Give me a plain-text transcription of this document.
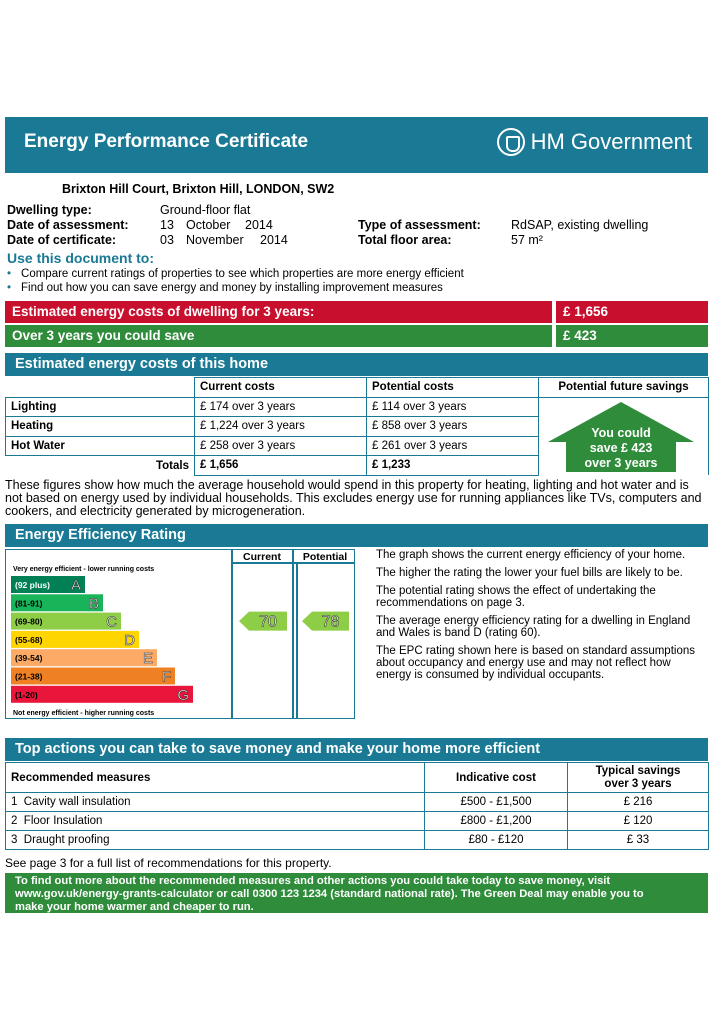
Energy Performance Certificate	HM Government
Brixton Hill Court, Brixton Hill, LONDON, SW2
Dwelling type:	Ground-floor flat
Date of assessment:	13 October 2014
Date of certificate:	03 November 2014
Type of assessment: RdSAP, existing dwelling
Total floor area:	57 m²
Use this document to:
• Compare current ratings of properties to see which properties are more energy efficient
• Find out how you can save energy and money by installing improvement measures
Estimated energy costs of dwelling for 3 years:	£ 1,656
Over 3 years you could save	£ 423
Estimated energy costs of this home
	Current costs	Potential costs	Potential future savings
Lighting	£ 174 over 3 years	£ 114 over 3 years	
Heating	£ 1,224 over 3 years	£ 858 over 3 years	
Hot Water	£ 258 over 3 years	£ 261 over 3 years	
Totals	£ 1,656	£ 1,233	
You could
save £ 423
over 3 years
These figures show how much the average household would spend in this property for heating, lighting and hot water and is not based on energy used by individual households. This excludes energy use for running appliances like TVs, computers and cookers, and electricity generated by microgeneration.
Energy Efficiency Rating
Current Potential
Very energy efficient - lower running costs
Not energy efficient - higher running costs
(92 plus) A
(81-91)	B
(69-80)	C
(55-68)	D
(39-54)	E
(21-38)	F
(1-20)	G
70	78

The graph shows the current energy efficiency of your home.

The higher the rating the lower your fuel bills are likely to be.

The potential rating shows the effect of undertaking the recommendations on page 3.

The average energy efficiency rating for a dwelling in England and Wales is band D (rating 60).

The EPC rating shown here is based on standard assumptions about occupancy and energy use and may not reflect how energy is consumed by individual occupants.

Top actions you can take to save money and make your home more efficient
Recommended measures	Indicative cost	Typical savings
over 3 years
1 Cavity wall insulation	£500 - £1,500	£ 216
2 Floor Insulation	£800 - £1,200	£ 120
3 Draught proofing	£80 - £120	£ 33
See page 3 for a full list of recommendations for this property.
To find out more about the recommended measures and other actions you could take today to save money, visit
www.gov.uk/energy-grants-calculator or call 0300 123 1234 (standard national rate). The Green Deal may enable you to
make your home warmer and cheaper to run.
